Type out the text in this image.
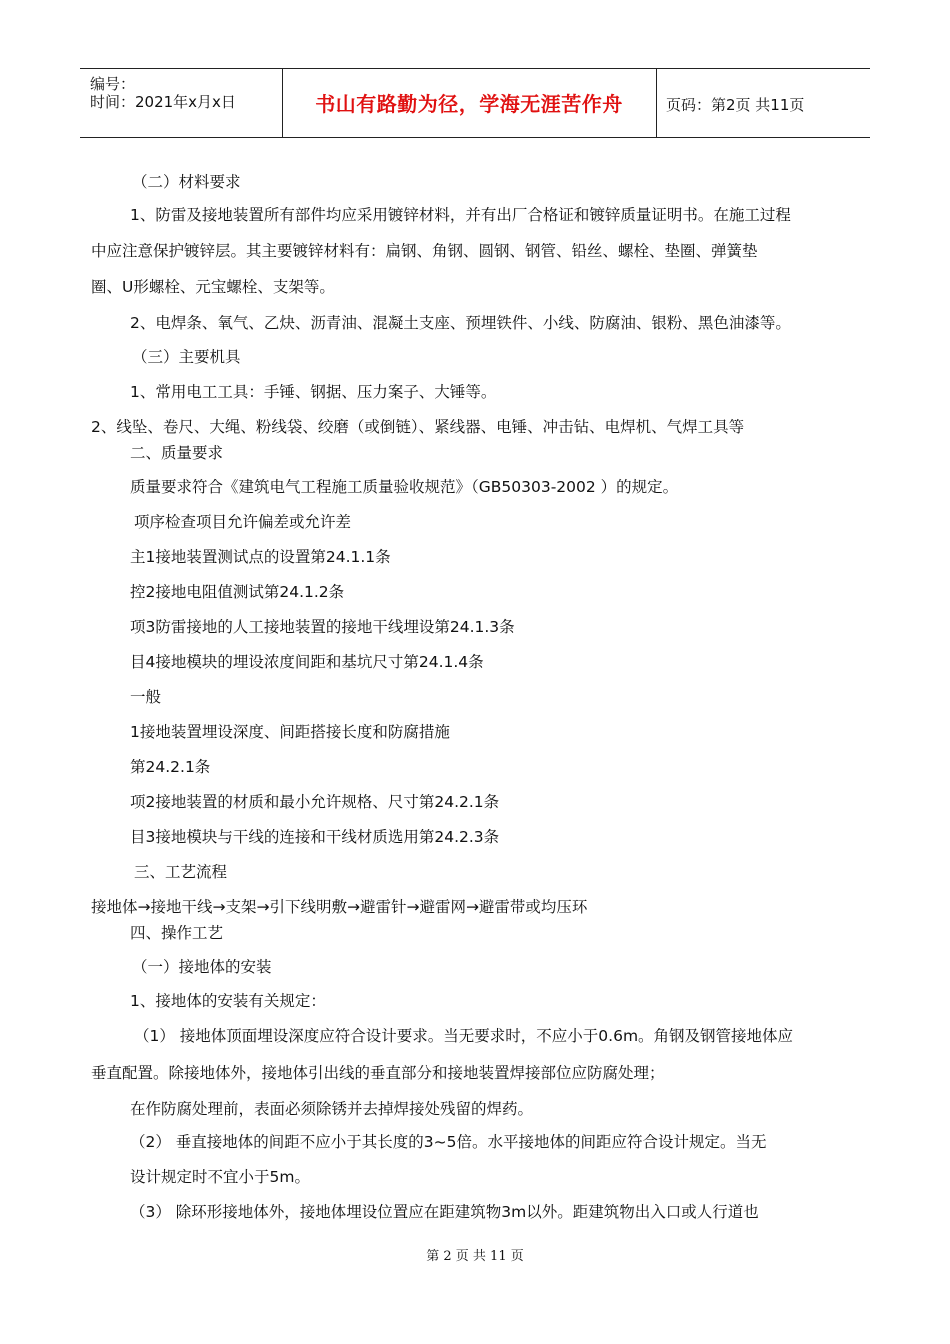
编号：
时间：2021年x月x日	页码：第2页 共11页
书山有路勤为径，学海无涯苦作舟
（二）材料要求
1、防雷及接地装置所有部件均应采用镀锌材料，并有出厂合格证和镀锌质量证明书。在施工过程
中应注意保护镀锌层。其主要镀锌材料有：扁钢、角钢、圆钢、钢管、铅丝、螺栓、垫圈、弹簧垫
圈、U形螺栓、元宝螺栓、支架等。
2、电焊条、氧气、乙炔、沥青油、混凝土支座、预埋铁件、小线、防腐油、银粉、黑色油漆等。
（三）主要机具
1、常用电工工具：手锤、钢据、压力案子、大锤等。
2、线坠、卷尺、大绳、粉线袋、绞磨（或倒链）、紧线器、电锤、冲击钻、电焊机、气焊工具等
二、质量要求
质量要求符合《建筑电气工程施工质量验收规范》（GB50303-2002 ）的规定。
项序检查项目允许偏差或允许差
主1接地装置测试点的设置第24.1.1条
控2接地电阻值测试第24.1.2条
项3防雷接地的人工接地装置的接地干线埋设第24.1.3条
目4接地模块的埋设浓度间距和基坑尺寸第24.1.4条
一般
1接地装置埋设深度、间距搭接长度和防腐措施
第24.2.1条
项2接地装置的材质和最小允许规格、尺寸第24.2.1条
目3接地模块与干线的连接和干线材质选用第24.2.3条
三、工艺流程
接地体→接地干线→支架→引下线明敷→避雷针→避雷网→避雷带或均压环
四、操作工艺
（一）接地体的安装
1、接地体的安装有关规定：
（1） 接地体顶面埋设深度应符合设计要求。当无要求时，不应小于0.6m。角钢及钢管接地体应
垂直配置。除接地体外，接地体引出线的垂直部分和接地装置焊接部位应防腐处理；
在作防腐处理前，表面必须除锈并去掉焊接处残留的焊药。
（2） 垂直接地体的间距不应小于其长度的3~5倍。水平接地体的间距应符合设计规定。当无
设计规定时不宜小于5m。
（3） 除环形接地体外，接地体埋设位置应在距建筑物3m以外。距建筑物出入口或人行道也
第 2 页 共 11 页
